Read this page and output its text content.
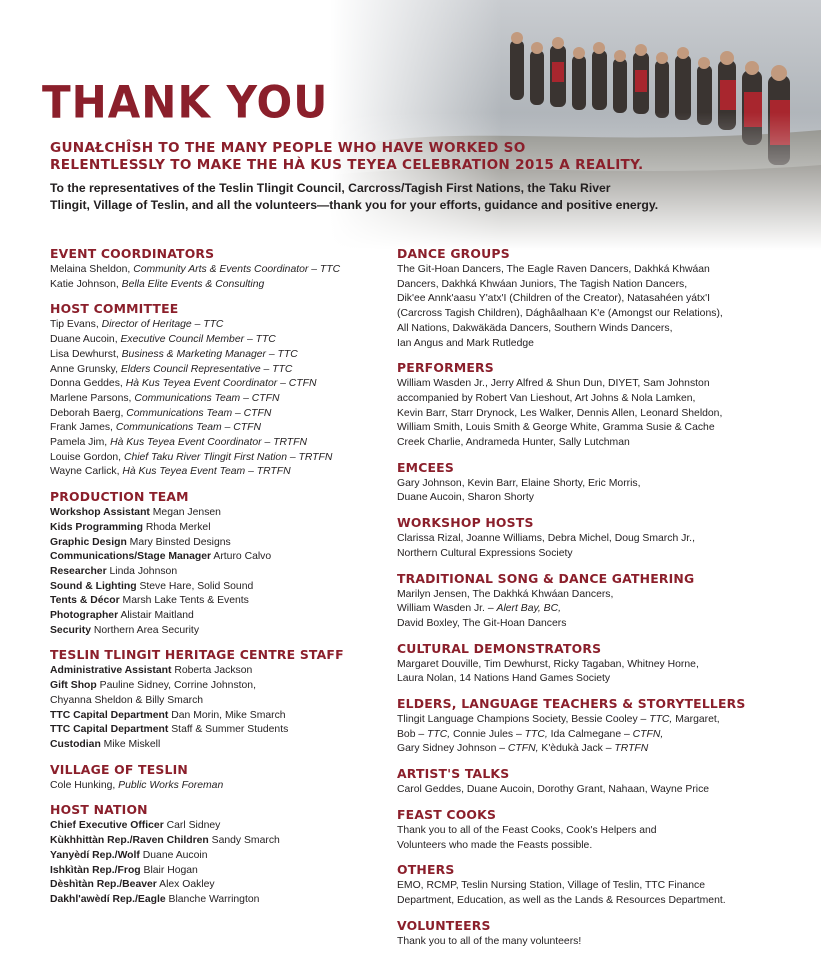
THANK YOU
GUNAŁCHÎSH TO THE MANY PEOPLE WHO HAVE WORKED SO
RELENTLESSLY TO MAKE THE HÀ KUS TEYEA CELEBRATION 2015 A REALITY.
To the representatives of the Teslin Tlingit Council, Carcross/Tagish First Nations, the Taku River
Tlingit, Village of Teslin, and all the volunteers—thank you for your efforts, guidance and positive energy.
EVENT COORDINATORS
Melaina Sheldon, Community Arts & Events Coordinator – TTC
Katie Johnson, Bella Elite Events & Consulting
HOST COMMITTEE
Tip Evans, Director of Heritage – TTC
Duane Aucoin, Executive Council Member – TTC
Lisa Dewhurst, Business & Marketing Manager – TTC
Anne Grunsky, Elders Council Representative – TTC
Donna Geddes, Hà Kus Teyea Event Coordinator – CTFN
Marlene Parsons, Communications Team – CTFN
Deborah Baerg, Communications Team – CTFN
Frank James, Communications Team – CTFN
Pamela Jim, Hà Kus Teyea Event Coordinator – TRTFN
Louise Gordon, Chief Taku River Tlingit First Nation – TRTFN
Wayne Carlick, Hà Kus Teyea Event Team – TRTFN
PRODUCTION TEAM
Workshop Assistant Megan Jensen
Kids Programming Rhoda Merkel
Graphic Design Mary Binsted Designs
Communications/Stage Manager Arturo Calvo
Researcher Linda Johnson
Sound & Lighting Steve Hare, Solid Sound
Tents & Décor Marsh Lake Tents & Events
Photographer Alistair Maitland
Security Northern Area Security
TESLIN TLINGIT HERITAGE CENTRE STAFF
Administrative Assistant Roberta Jackson
Gift Shop Pauline Sidney, Corrine Johnston,
Chyanna Sheldon & Billy Smarch
TTC Capital Department Dan Morin, Mike Smarch
TTC Capital Department Staff & Summer Students
Custodian Mike Miskell
VILLAGE OF TESLIN
Cole Hunking, Public Works Foreman
HOST NATION
Chief Executive Officer Carl Sidney
Kùkhhittàn Rep./Raven Children Sandy Smarch
Yanyèdí Rep./Wolf Duane Aucoin
Ishkìtàn Rep./Frog Blair Hogan
Dèshìtàn Rep./Beaver Alex Oakley
Dakhl'awèdí Rep./Eagle Blanche Warrington
DANCE GROUPS
The Git-Hoan Dancers, The Eagle Raven Dancers, Dakhká Khwáan
Dancers, Dakhká Khwáan Juniors, The Tagish Nation Dancers,
Dik'ee Annk'aasu Y'atx'I (Children of the Creator), Natasahéen yátx'I
(Carcross Tagish Children), Dághâalhaan K'e (Amongst our Relations),
All Nations, Dakwäkäda Dancers, Southern Winds Dancers,
Ian Angus and Mark Rutledge
PERFORMERS
William Wasden Jr., Jerry Alfred & Shun Dun, DIYET, Sam Johnston
accompanied by Robert Van Lieshout, Art Johns & Nola Lamken,
Kevin Barr, Starr Drynock, Les Walker, Dennis Allen, Leonard Sheldon,
William Smith, Louis Smith & George White, Gramma Susie & Cache
Creek Charlie, Andrameda Hunter, Sally Lutchman
EMCEES
Gary Johnson, Kevin Barr, Elaine Shorty, Eric Morris,
Duane Aucoin, Sharon Shorty
WORKSHOP HOSTS
Clarissa Rizal, Joanne Williams, Debra Michel, Doug Smarch Jr.,
Northern Cultural Expressions Society
TRADITIONAL SONG & DANCE GATHERING
Marilyn Jensen, The Dakhká Khwáan Dancers,
William Wasden Jr. – Alert Bay, BC,
David Boxley, The Git-Hoan Dancers
CULTURAL DEMONSTRATORS
Margaret Douville, Tim Dewhurst, Ricky Tagaban, Whitney Horne,
Laura Nolan, 14 Nations Hand Games Society
ELDERS, LANGUAGE TEACHERS & STORYTELLERS
Tlingit Language Champions Society, Bessie Cooley – TTC, Margaret,
Bob – TTC, Connie Jules – TTC, Ida Calmegane – CTFN,
Gary Sidney Johnson – CTFN, K'èdukà Jack – TRTFN
ARTIST'S TALKS
Carol Geddes, Duane Aucoin, Dorothy Grant, Nahaan, Wayne Price
FEAST COOKS
Thank you to all of the Feast Cooks, Cook's Helpers and
Volunteers who made the Feasts possible.
OTHERS
EMO, RCMP, Teslin Nursing Station, Village of Teslin, TTC Finance
Department, Education, as well as the Lands & Resources Department.
VOLUNTEERS
Thank you to all of the many volunteers!
